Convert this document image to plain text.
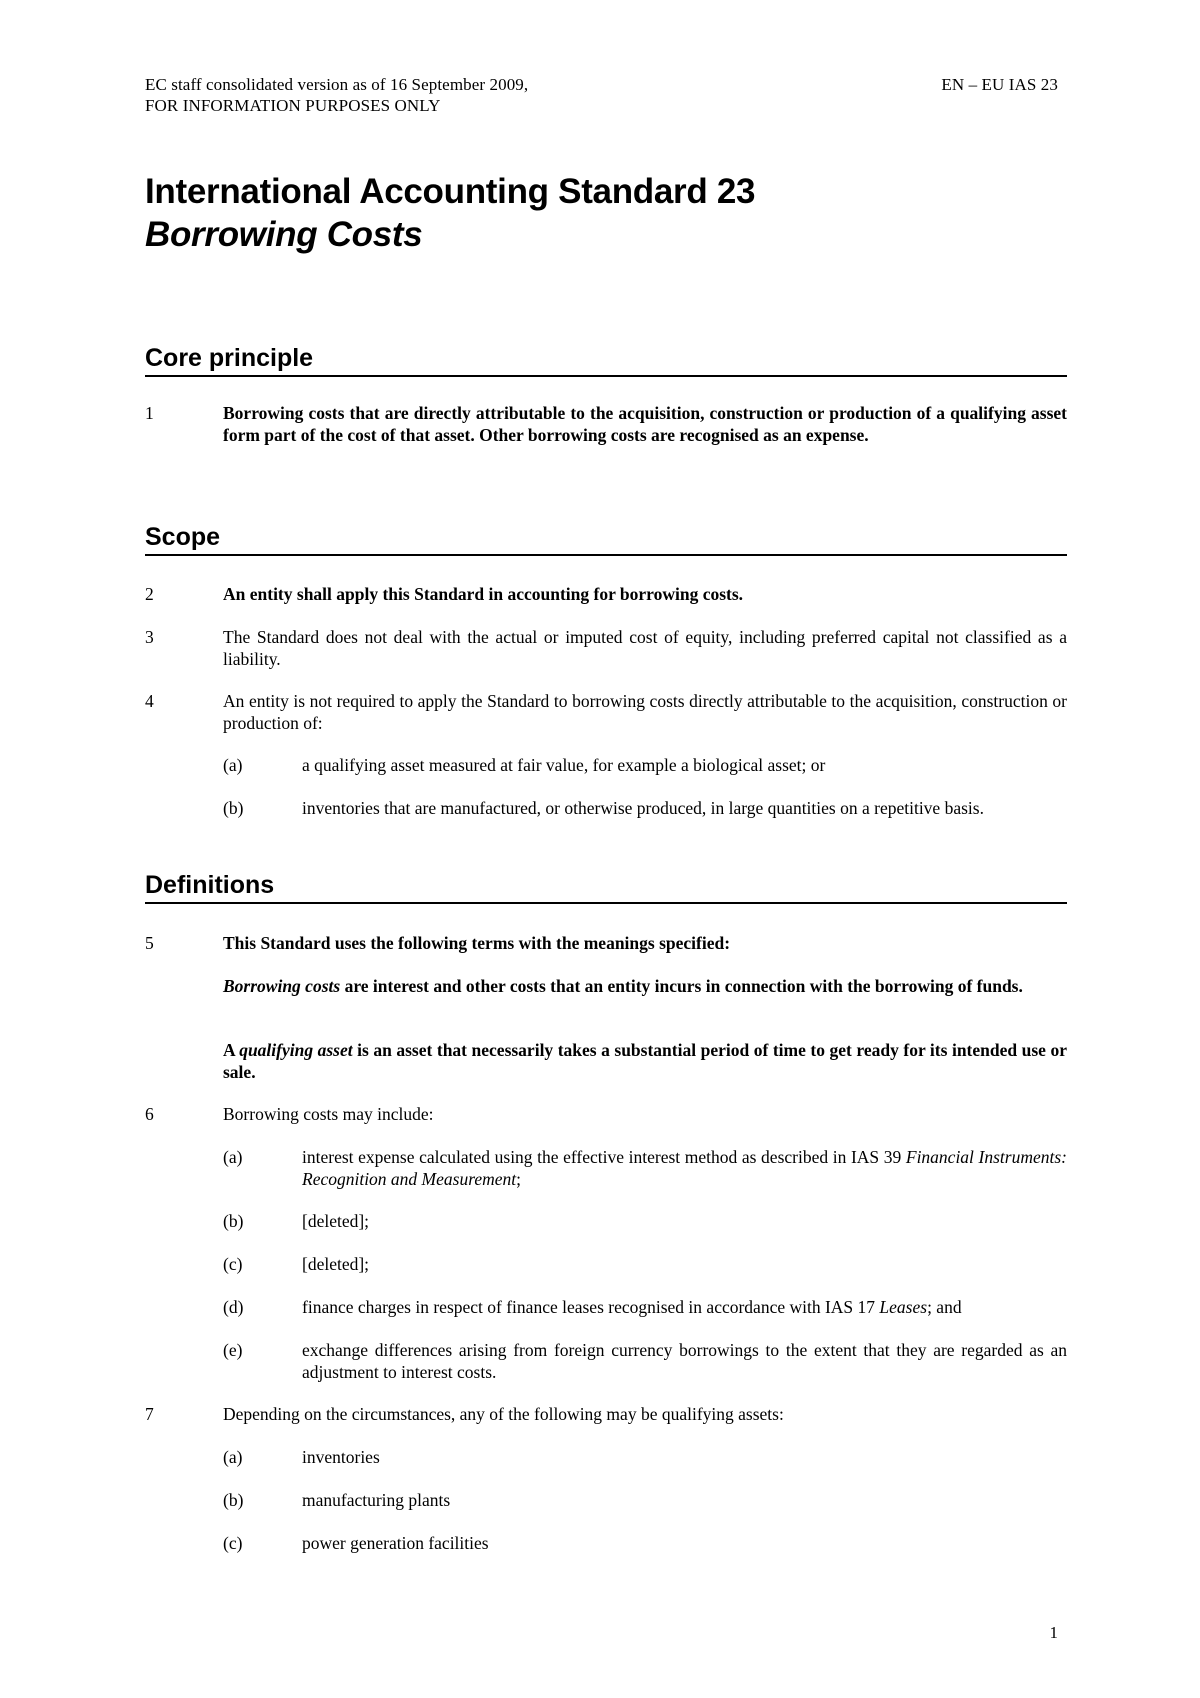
EC staff consolidated version as of 16 September 2009,
FOR INFORMATION PURPOSES ONLY
EN – EU IAS 23
International Accounting Standard 23
Borrowing Costs
Core principle
1	Borrowing costs that are directly attributable to the acquisition, construction or production of a qualifying asset form part of the cost of that asset. Other borrowing costs are recognised as an expense.
Scope
2	An entity shall apply this Standard in accounting for borrowing costs.
3	The Standard does not deal with the actual or imputed cost of equity, including preferred capital not classified as a liability.
4	An entity is not required to apply the Standard to borrowing costs directly attributable to the acquisition, construction or production of:
(a)	a qualifying asset measured at fair value, for example a biological asset; or
(b)	inventories that are manufactured, or otherwise produced, in large quantities on a repetitive basis.
Definitions
5	This Standard uses the following terms with the meanings specified:
Borrowing costs are interest and other costs that an entity incurs in connection with the borrowing of funds.
A qualifying asset is an asset that necessarily takes a substantial period of time to get ready for its intended use or sale.
6	Borrowing costs may include:
(a)	interest expense calculated using the effective interest method as described in IAS 39 Financial Instruments: Recognition and Measurement;
(b)	[deleted];
(c)	[deleted];
(d)	finance charges in respect of finance leases recognised in accordance with IAS 17 Leases; and
(e)	exchange differences arising from foreign currency borrowings to the extent that they are regarded as an adjustment to interest costs.
7	Depending on the circumstances, any of the following may be qualifying assets:
(a)	inventories
(b)	manufacturing plants
(c)	power generation facilities
1
